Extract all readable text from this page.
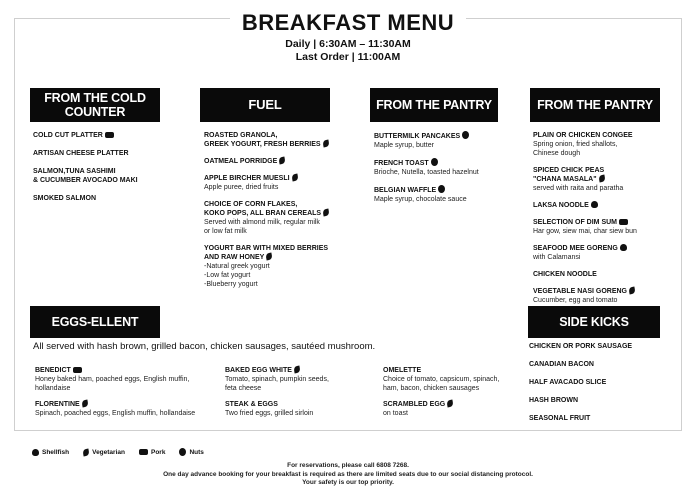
BREAKFAST MENU
Daily | 6:30AM – 11:30AM
Last Order | 11:00AM
FROM THE COLD COUNTER
FUEL	FROM THE PANTRY	FROM THE PANTRY
EGGS-ELLENT	SIDE KICKS
COLD CUT PLATTER
ARTISAN CHEESE PLATTER
SALMON,TUNA SASHIMI
& CUCUMBER AVOCADO MAKI
SMOKED SALMON
ROASTED GRANOLA,
GREEK YOGURT, FRESH BERRIES
OATMEAL PORRIDGE
APPLE BIRCHER MUESLI
Apple puree, dried fruits
CHOICE OF CORN FLAKES,
KOKO POPS, ALL BRAN CEREALS
Served with almond milk, regular milk
or low fat milk
YOGURT BAR WITH MIXED BERRIES
AND RAW HONEY
-Natural greek yogurt
-Low fat yogurt
-Blueberry yogurt
BUTTERMILK PANCAKES
Maple syrup, butter
FRENCH TOAST
Brioche, Nutella, toasted hazelnut
BELGIAN WAFFLE
Maple syrup, chocolate sauce
PLAIN OR CHICKEN CONGEE
Spring onion, fried shallots,
Chinese dough
SPICED CHICK PEAS
"CHANA MASALA"
served with raita and paratha
LAKSA NOODLE
SELECTION OF DIM SUM
Har gow, siew mai, char siew bun
SEAFOOD MEE GORENG
with Calamansi
CHICKEN NOODLE
VEGETABLE NASI GORENG
Cucumber, egg and tomato
All served with hash brown, grilled bacon, chicken sausages, sautéed mushroom.
BENEDICT
Honey baked ham, poached eggs, English muffin,
hollandaise
FLORENTINE
Spinach, poached eggs, English muffin, hollandaise
BAKED EGG WHITE
Tomato, spinach, pumpkin seeds,
feta cheese
STEAK & EGGS
Two fried eggs, grilled sirloin
OMELETTE
Choice of tomato, capsicum, spinach,
ham, bacon, chicken sausages
SCRAMBLED EGG
on toast
CHICKEN OR PORK SAUSAGE
CANADIAN BACON
HALF AVACADO SLICE
HASH BROWN
SEASONAL FRUIT
Shellfish	Vegetarian	Pork	Nuts
For reservations, please call 6808 7268.
One day advance booking for your breakfast is required as there are limited seats due to our social distancing protocol.
Your safety is our top priority.
